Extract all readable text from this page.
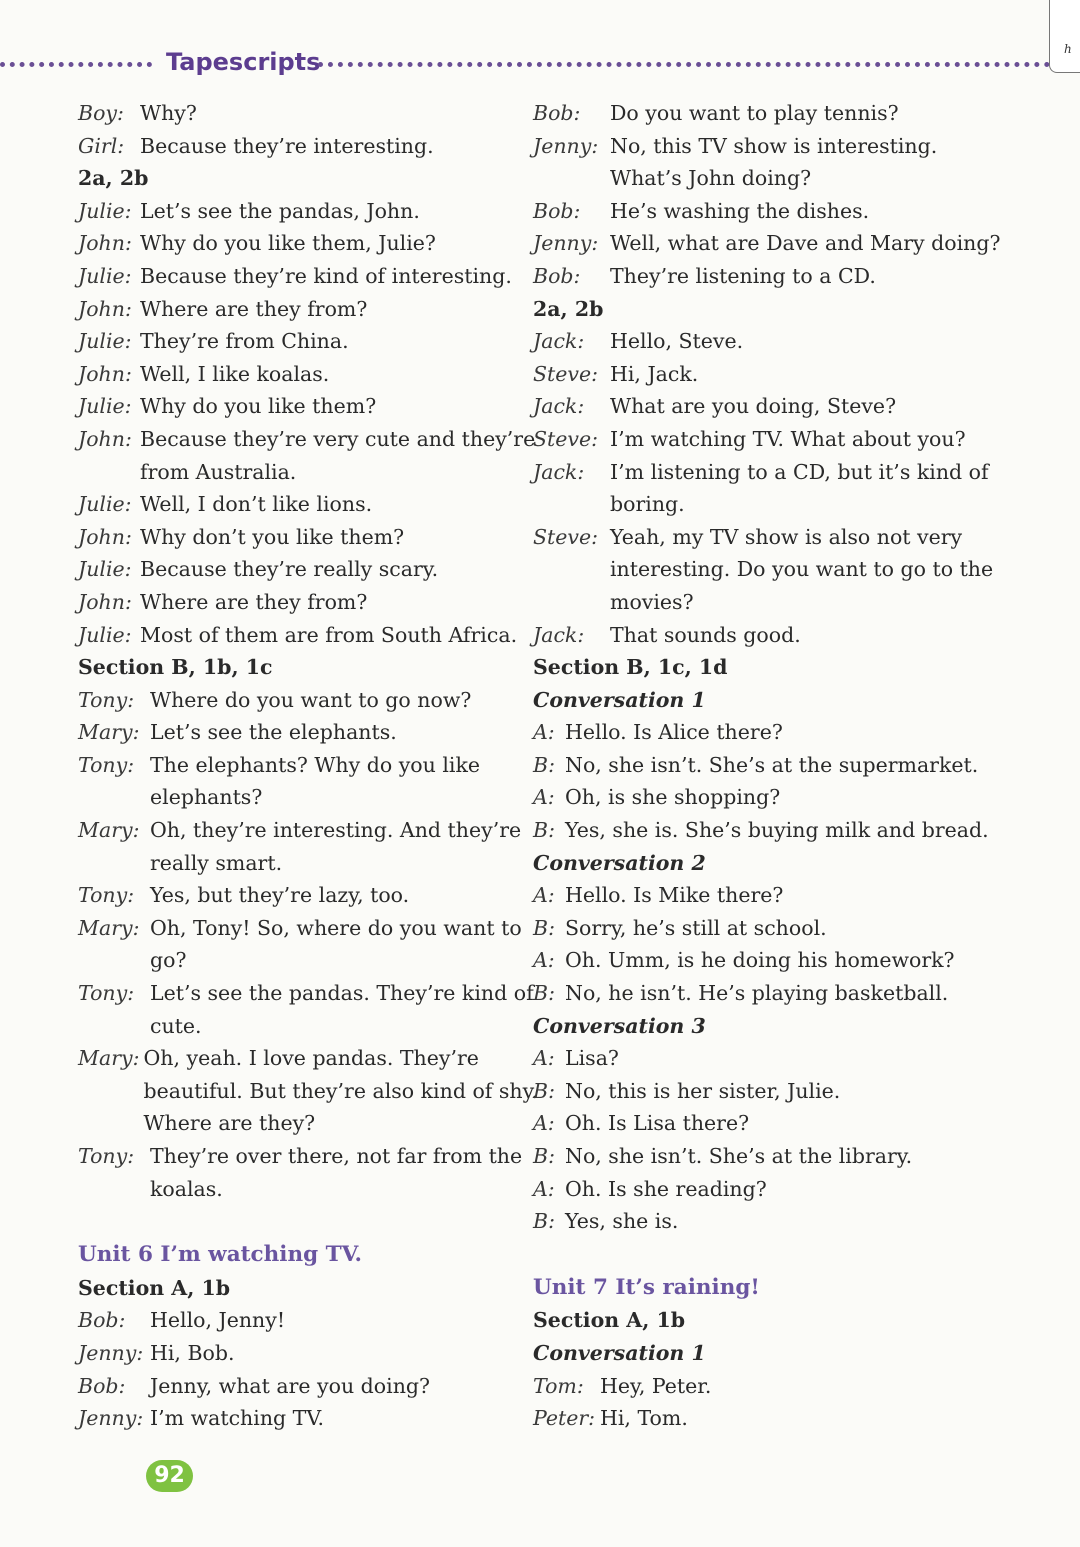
Tapescripts	h
Boy: Why?
Girl: Because they’re interesting.
2a, 2b
Julie: Let’s see the pandas, John.
John: Why do you like them, Julie?
Julie: Because they’re kind of interesting.
John: Where are they from?
Julie: They’re from China.
John: Well, I like koalas.
Julie: Why do you like them?
John: Because they’re very cute and they’re
from Australia.
Julie: Well, I don’t like lions.
John: Why don’t you like them?
Julie: Because they’re really scary.
John: Where are they from?
Julie: Most of them are from South Africa.
Section B, 1b, 1c
Tony: Where do you want to go now?
Mary: Let’s see the elephants.
Tony: The elephants? Why do you like
elephants?
Mary: Oh, they’re interesting. And they’re
really smart.
Tony: Yes, but they’re lazy, too.
Mary: Oh, Tony! So, where do you want to
go?
Tony: Let’s see the pandas. They’re kind of
cute.
Mary: Oh, yeah. I love pandas. They’re
beautiful. But they’re also kind of shy.
Where are they?
Tony: They’re over there, not far from the
koalas.
Unit 6 I’m watching TV.
Section A, 1b
Bob:	Hello, Jenny!
Jenny: Hi, Bob.
Bob:	Jenny, what are you doing?
Jenny: I’m watching TV.
Bob:	Do you want to play tennis?
Jenny: No, this TV show is interesting.
What’s John doing?
Bob:	He’s washing the dishes.
Jenny: Well, what are Dave and Mary doing?
Bob:	They’re listening to a CD.
2a, 2b
Jack:	Hello, Steve.
Steve: Hi, Jack.
Jack:	What are you doing, Steve?
Steve: I’m watching TV. What about you?
Jack:	I’m listening to a CD, but it’s kind of
boring.
Steve: Yeah, my TV show is also not very
interesting. Do you want to go to the
movies?
Jack:	That sounds good.
Section B, 1c, 1d
Conversation 1
A: Hello. Is Alice there?
B: No, she isn’t. She’s at the supermarket.
A: Oh, is she shopping?
B: Yes, she is. She’s buying milk and bread.
Conversation 2
A: Hello. Is Mike there?
B: Sorry, he’s still at school.
A: Oh. Umm, is he doing his homework?
B: No, he isn’t. He’s playing basketball.
Conversation 3
A: Lisa?
B: No, this is her sister, Julie.
A: Oh. Is Lisa there?
B: No, she isn’t. She’s at the library.
A: Oh. Is she reading?
B: Yes, she is.
Unit 7 It’s raining!
Section A, 1b
Conversation 1
Tom: Hey, Peter.
Peter: Hi, Tom.
92
